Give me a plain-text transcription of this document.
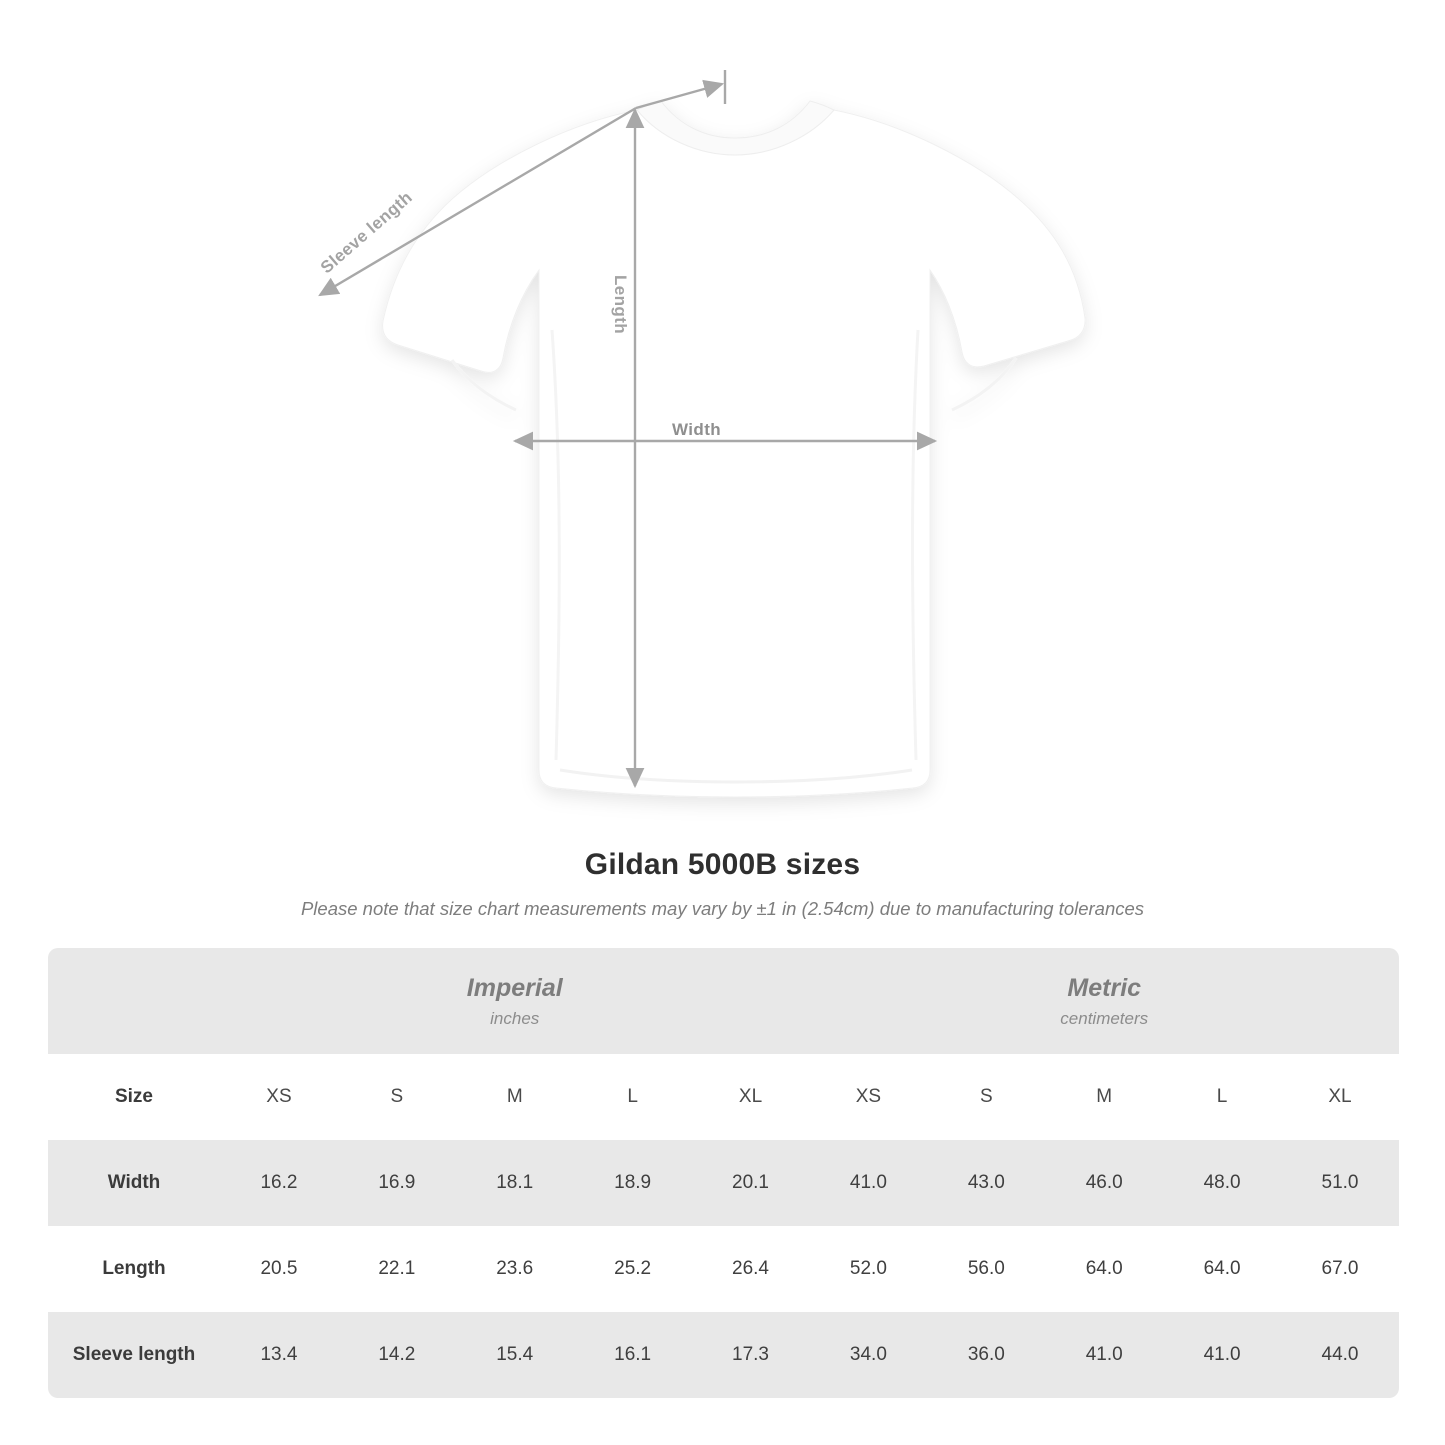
Width
Length
Sleeve length
Gildan 5000B sizes
Please note that size chart measurements may vary by ±1 in (2.54cm) due to manufacturing tolerances

Imperial
inches

Metric
centimeters

Size	XS	S	M	L	XL	XS	S	M	L	XL
Width	16.2	16.9	18.1	18.9	20.1	41.0	43.0	46.0	48.0	51.0
Length	20.5	22.1	23.6	25.2	26.4	52.0	56.0	64.0	64.0	67.0
Sleeve length	13.4	14.2	15.4	16.1	17.3	34.0	36.0	41.0	41.0	44.0
